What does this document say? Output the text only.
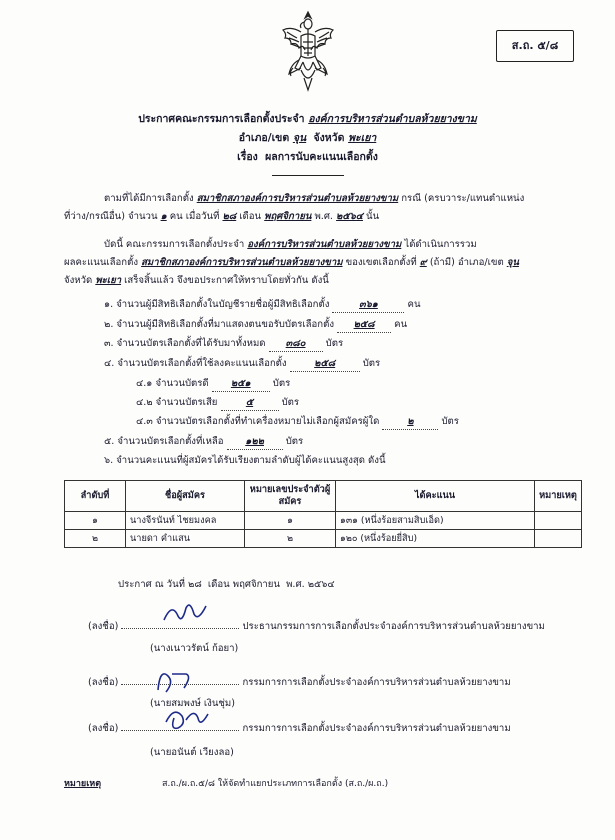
ส.ถ. ๕/๘
ประกาศคณะกรรมการเลือกตั้งประจำ องค์การบริหารส่วนตำบลห้วยยางขาม
อำเภอ/เขต จุน จังหวัด พะเยา
เรื่อง ผลการนับคะแนนเลือกตั้ง
ตามที่ได้มีการเลือกตั้ง สมาชิกสภาองค์การบริหารส่วนตำบลห้วยยางขาม กรณี (ครบวาระ/แทนตำแหน่ง
ที่ว่าง/กรณีอื่น) จำนวน ๑ คน เมื่อวันที่ ๒๘ เดือน พฤศจิกายน พ.ศ. ๒๕๖๔ นั้น
บัดนี้ คณะกรรมการเลือกตั้งประจำ องค์การบริหารส่วนตำบลห้วยยางขาม ได้ดำเนินการรวม
ผลคะแนนเลือกตั้ง สมาชิกสภาองค์การบริหารส่วนตำบลห้วยยางขาม ของเขตเลือกตั้งที่ ๙ (ถ้ามี) อำเภอ/เขต จุน
จังหวัด พะเยา เสร็จสิ้นแล้ว จึงขอประกาศให้ทราบโดยทั่วกัน ดังนี้
๑. จำนวนผู้มีสิทธิเลือกตั้งในบัญชีรายชื่อผู้มีสิทธิเลือกตั้ง	๓๖๑	คน
๒. จำนวนผู้มีสิทธิเลือกตั้งที่มาแสดงตนขอรับบัตรเลือกตั้ง ๒๕๘ คน
๓. จำนวนบัตรเลือกตั้งที่ได้รับมาทั้งหมด ๓๘๐ บัตร
๔. จำนวนบัตรเลือกตั้งที่ใช้ลงคะแนนเลือกตั้ง	๒๕๘	บัตร
๔.๑ จำนวนบัตรดี ๒๕๑ บัตร
๔.๒ จำนวนบัตรเสีย	๕	บัตร
๔.๓ จำนวนบัตรเลือกตั้งที่ทำเครื่องหมายไม่เลือกผู้สมัครผู้ใด	๒	บัตร
๕. จำนวนบัตรเลือกตั้งที่เหลือ ๑๒๒ บัตร
๖. จำนวนคะแนนที่ผู้สมัครได้รับเรียงตามลำดับผู้ได้คะแนนสูงสุด ดังนี้
ลำดับที่	ชื่อผู้สมัคร	หมายเลขประจำตัวผู้สมัคร	ได้คะแนน	หมายเหตุ
๑	นางจีรนันท์ ไชยมงคล	๑	๑๓๑ (หนึ่งร้อยสามสิบเอ็ด)	
๒	นายดา คำแสน	๒	๑๒๐ (หนึ่งร้อยยี่สิบ)	
ประกาศ ณ วันที่ ๒๘ เดือน พฤศจิกายน พ.ศ. ๒๕๖๔
(ลงชื่อ)	ประธานกรรมการการเลือกตั้งประจำองค์การบริหารส่วนตำบลห้วยยางขาม
(นางเนาวรัตน์ ก้อยา)
(ลงชื่อ)	กรรมการการเลือกตั้งประจำองค์การบริหารส่วนตำบลห้วยยางขาม
(นายสมพงษ์ เงินชุ่ม)
(ลงชื่อ)	กรรมการการเลือกตั้งประจำองค์การบริหารส่วนตำบลห้วยยางขาม
(นายอนันต์ เวียงลอ)
หมายเหตุ	ส.ถ./ผ.ถ.๕/๘ ให้จัดทำแยกประเภทการเลือกตั้ง (ส.ถ./ผ.ถ.)
